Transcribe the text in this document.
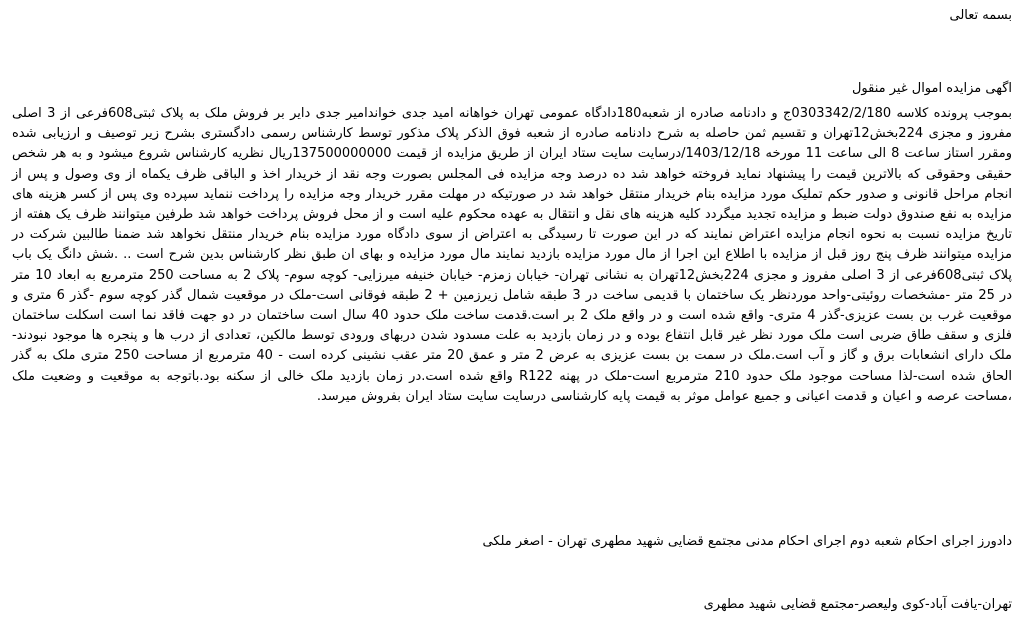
بسمه تعالی
اگهی مزایده اموال غیر منقول
بموجب پرونده کلاسه 0303342/2/180ج و دادنامه صادره از شعبه180دادگاه عمومی تهران خواهانه امید جدی خواندامیر جدی دایر بر فروش ملک به پلاک ثبتی608فرعی از 3 اصلی مفروز و مجزی 224بخش12تهران و تقسیم ثمن حاصله به شرح دادنامه صادره از شعبه فوق الذکر پلاک مذکور توسط کارشناس رسمی دادگستری بشرح زیر توصیف و ارزیابی شده ومقرر استاز ساعت 8 الی ساعت 11 مورخه 1403/12/18/درسایت سایت ستاد ایران از طریق مزایده از قیمت 137500000000ریال نظریه کارشناس شروع میشود و به هر شخص حقیقی وحقوقی که بالاترین قیمت را پیشنهاد نماید فروخته خواهد شد ده درصد وجه مزایده فی المجلس بصورت وجه نقد از خریدار اخذ و الباقی ظرف یکماه از وی وصول و پس از انجام مراحل قانونی و صدور حکم تملیک مورد مزایده بنام خریدار منتقل خواهد شد در صورتیکه در مهلت مقرر خریدار وجه مزایده را پرداخت ننماید سپرده وی پس از کسر هزینه های مزایده به نفع صندوق دولت ضبط و مزایده تجدید میگردد کلیه هزینه های نقل و انتقال به عهده محکوم علیه است و از محل فروش پرداخت خواهد شد طرفین میتوانند ظرف یک هفته از تاریخ مزایده نسبت به نحوه انجام مزایده اعتراض نمایند که در این صورت تا رسیدگی به اعتراض از سوی دادگاه مورد مزایده بنام خریدار منتقل نخواهد شد ضمنا طالبین شرکت در مزایده میتوانند ظرف پنج روز قبل از مزایده با اطلاع این اجرا از مال مورد مزایده بازدید نمایند مال مورد مزایده و بهای ان طبق نظر کارشناس بدین شرح است .. .شش دانگ یک باب پلاک ثبتی608فرعی از 3 اصلی مفروز و مجزی 224بخش12تهران به نشانی تهران- خیابان زمزم- خیابان خنیفه میرزایی- کوچه سوم- پلاک 2 به مساحت 250 مترمربع به ابعاد 10 متر در 25 متر -مشخصات روئیتی-واحد موردنظر یک ساختمان با قدیمی ساخت در 3 طبقه شامل زیرزمین + 2 طبقه فوقانی است-ملک در موقعیت شمال گذر کوچه سوم -گذر 6 متری و موقعیت غرب بن بست عزیزی-گذر 4 متری- واقع شده است و در واقع ملک 2 بر است.قدمت ساخت ملک حدود 40 سال است ساختمان در دو جهت فاقد نما است اسکلت ساختمان فلزی و سقف طاق ضربی است ملک مورد نظر غیر قابل انتفاع بوده و در زمان بازدید به علت مسدود شدن دربهای ورودی توسط مالکین، تعدادی از درب ها و پنجره ها موجود نبودند-ملک دارای انشعابات برق و گاز و آب است.ملک در سمت بن بست عزیزی به عرض 2 متر و عمق 20 متر عقب نشینی کرده است - 40 مترمربع از مساحت 250 متری ملک به گذر الحاق شده است-لذا مساحت موجود ملک حدود 210 مترمربع است-ملک در پهنه R122 واقع شده است.در زمان بازدید ملک خالی از سکنه بود.باتوجه به موقعیت و وضعیت ملک ،مساحت عرصه و اعیان و قدمت اعیانی و جمیع عوامل موثر به قیمت پایه کارشناسی درسایت سایت ستاد ایران بفروش میرسد.
دادورز اجرای احکام شعبه دوم اجرای احکام مدنی مجتمع قضایی شهید مطهری تهران - اصغر ملکی
تهران-یافت آباد-کوی ولیعصر-مجتمع قضایی شهید مطهری
